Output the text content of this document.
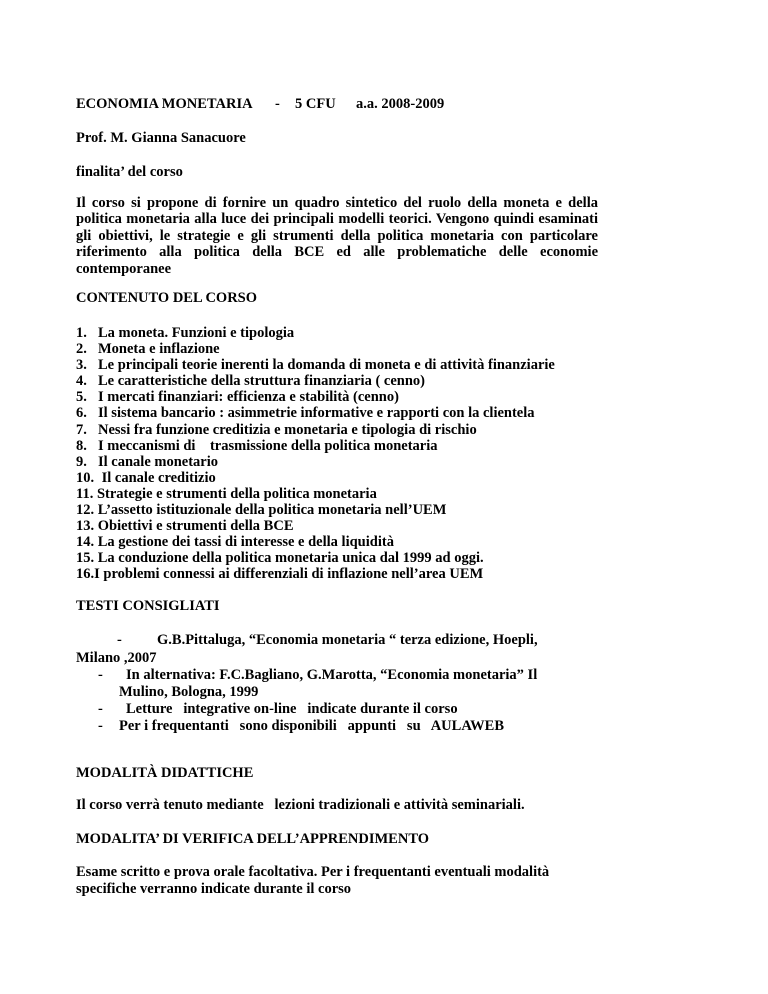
ECONOMIA MONETARIA - 5 CFU a.a. 2008-2009
Prof. M. Gianna Sanacuore
finalita’ del corso
Il corso si propone di fornire un quadro sintetico del ruolo della moneta e della politica monetaria alla luce dei principali modelli teorici. Vengono quindi esaminati gli obiettivi, le strategie e gli strumenti della politica monetaria con particolare riferimento alla politica della BCE ed alle problematiche delle economie contemporanee
CONTENUTO DEL CORSO
1. La moneta. Funzioni e tipologia
2. Moneta e inflazione
3. Le principali teorie inerenti la domanda di moneta e di attività finanziarie
4. Le caratteristiche della struttura finanziaria ( cenno)
5. I mercati finanziari: efficienza e stabilità (cenno)
6. Il sistema bancario : asimmetrie informative e rapporti con la clientela
7. Nessi fra funzione creditizia e monetaria e tipologia di rischio
8. I meccanismi di    trasmissione della politica monetaria
9. Il canale monetario
10. Il canale creditizio
11. Strategie e strumenti della politica monetaria
12. L’assetto istituzionale della politica monetaria nell’UEM
13. Obiettivi e strumenti della BCE
14. La gestione dei tassi di interesse e della liquidità
15. La conduzione della politica monetaria unica dal 1999 ad oggi.
16.I problemi connessi ai differenziali di inflazione nell’area UEM
TESTI CONSIGLIATI
- G.B.Pittaluga, “Economia monetaria “ terza edizione, Hoepli,
Milano ,2007
- In alternativa: F.C.Bagliano, G.Marotta, “Economia monetaria” Il
Mulino, Bologna, 1999
- Letture   integrative on-line   indicate durante il corso
- Per i frequentanti   sono disponibili   appunti   su   AULAWEB
MODALITÀ DIDATTICHE
Il corso verrà tenuto mediante   lezioni tradizionali e attività seminariali.
MODALITA’ DI VERIFICA DELL’APPRENDIMENTO
Esame scritto e prova orale facoltativa. Per i frequentanti eventuali modalità
specifiche verranno indicate durante il corso
